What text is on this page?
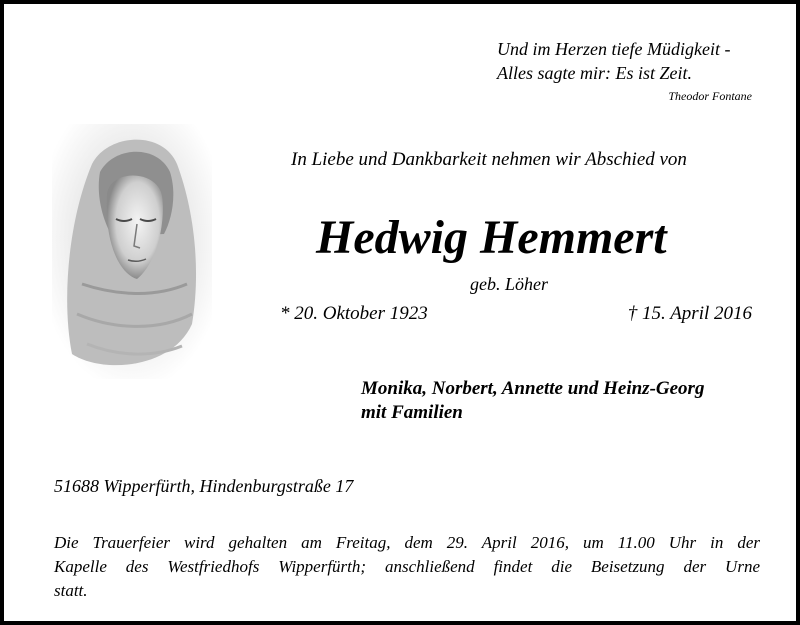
Und im Herzen tiefe Müdigkeit -
Alles sagte mir: Es ist Zeit.
Theodor Fontane
In Liebe und Dankbarkeit nehmen wir Abschied von
Hedwig Hemmert
geb. Löher
* 20. Oktober 1923	† 15. April 2016
Monika, Norbert, Annette und Heinz-Georg
mit Familien
51688 Wipperfürth, Hindenburgstraße 17
Die Trauerfeier wird gehalten am Freitag, dem 29. April 2016, um 11.00 Uhr in der
Kapelle des Westfriedhofs Wipperfürth; anschließend findet die Beisetzung der Urne
statt.
